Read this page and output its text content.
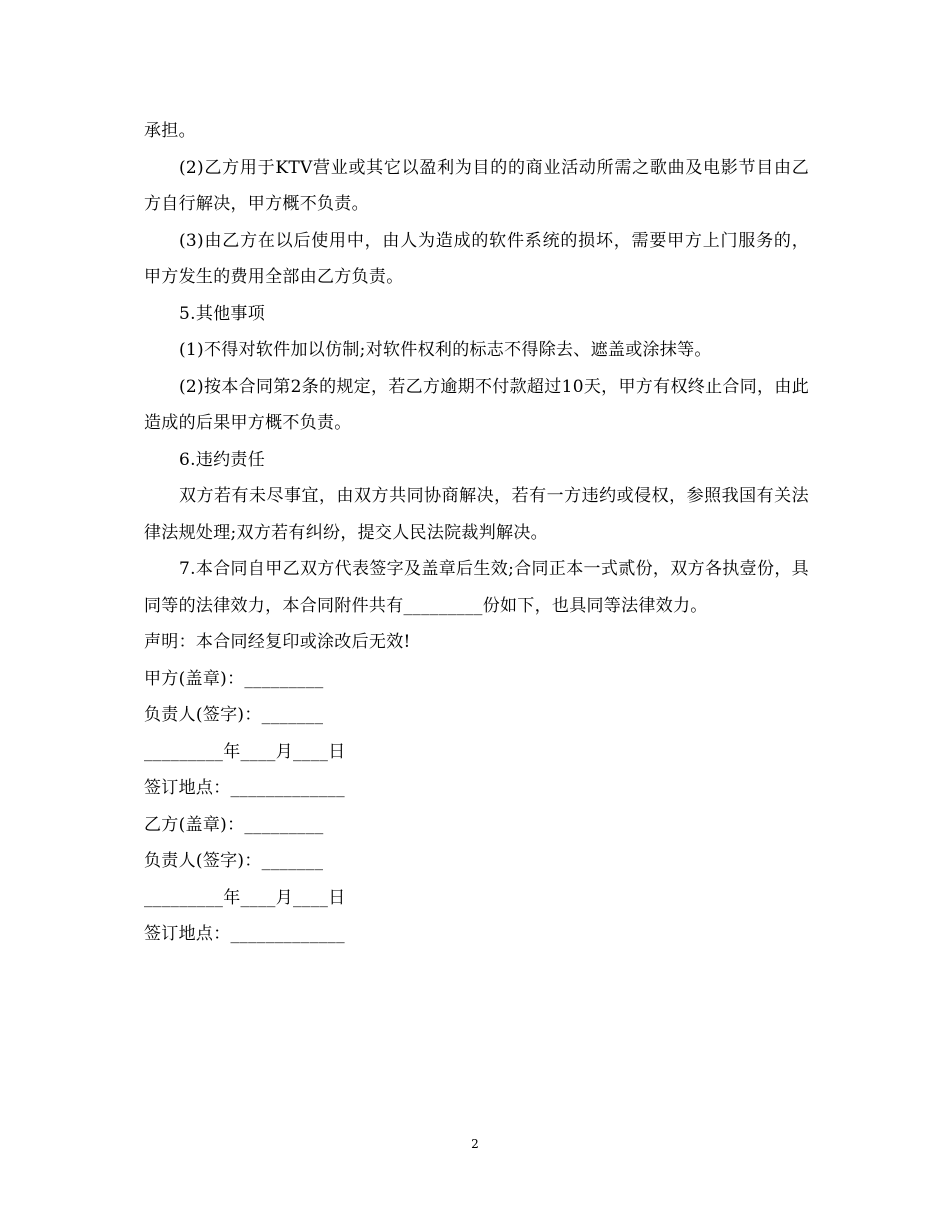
承担。

(2)乙方用于KTV营业或其它以盈利为目的的商业活动所需之歌曲及电影节目由乙方自行解决，甲方概不负责。

(3)由乙方在以后使用中，由人为造成的软件系统的损坏，需要甲方上门服务的，甲方发生的费用全部由乙方负责。

5.其他事项

(1)不得对软件加以仿制;对软件权利的标志不得除去、遮盖或涂抹等。

(2)按本合同第2条的规定，若乙方逾期不付款超过10天，甲方有权终止合同，由此造成的后果甲方概不负责。

6.违约责任

双方若有未尽事宜，由双方共同协商解决，若有一方违约或侵权，参照我国有关法律法规处理;双方若有纠纷，提交人民法院裁判解决。

7.本合同自甲乙双方代表签字及盖章后生效;合同正本一式贰份，双方各执壹份，具同等的法律效力，本合同附件共有_________份如下，也具同等法律效力。

声明：本合同经复印或涂改后无效!

甲方(盖章)：_________

负责人(签字)：_______

_________年____月____日

签订地点：_____________

乙方(盖章)：_________

负责人(签字)：_______

_________年____月____日

签订地点：_____________

2
